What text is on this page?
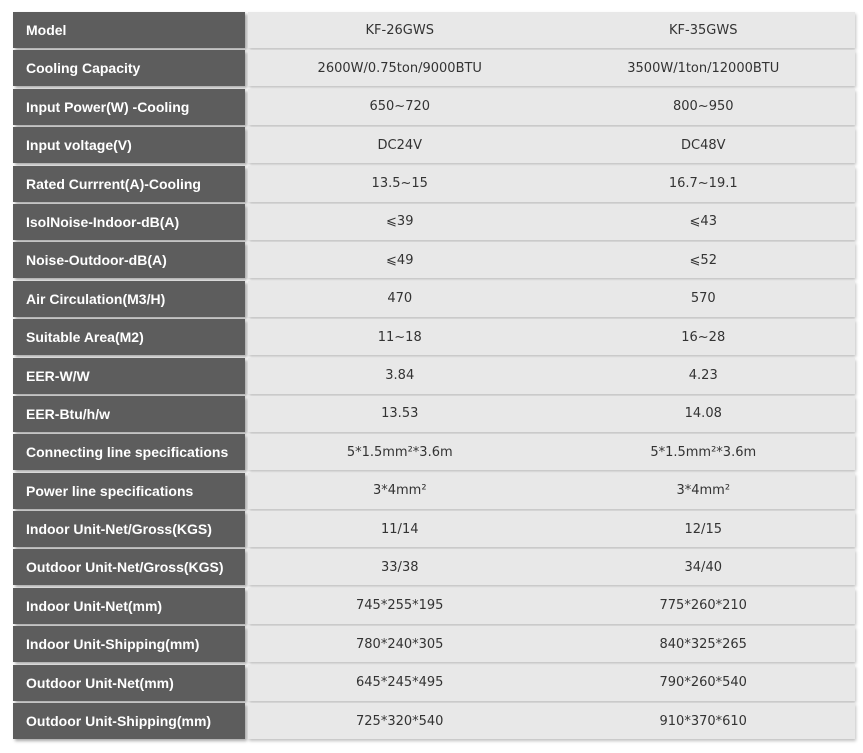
Model	KF-26GWS	KF-35GWS
Cooling Capacity	2600W/0.75ton/9000BTU	3500W/1ton/12000BTU
Input Power(W) -Cooling	650~720	800~950
Input voltage(V)	DC24V	DC48V
Rated Currrent(A)-Cooling	13.5~15	16.7~19.1
IsolNoise-Indoor-dB(A)	⩽39	⩽43
Noise-Outdoor-dB(A)	⩽49	⩽52
Air Circulation(M3/H)	470	570
Suitable Area(M2)	11~18	16~28
EER-W/W	3.84	4.23
EER-Btu/h/w	13.53	14.08
Connecting line specifications	5*1.5mm²*3.6m	5*1.5mm²*3.6m
Power line specifications	3*4mm²	3*4mm²
Indoor Unit-Net/Gross(KGS)	11/14	12/15
Outdoor Unit-Net/Gross(KGS)	33/38	34/40
Indoor Unit-Net(mm)	745*255*195	775*260*210
Indoor Unit-Shipping(mm)	780*240*305	840*325*265
Outdoor Unit-Net(mm)	645*245*495	790*260*540
Outdoor Unit-Shipping(mm)	725*320*540	910*370*610
